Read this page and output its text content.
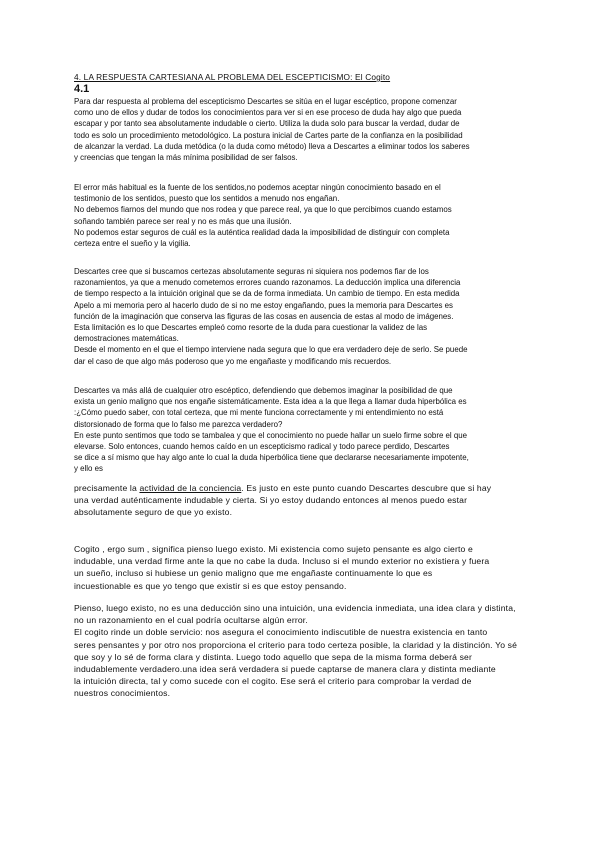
4. LA RESPUESTA CARTESIANA AL PROBLEMA DEL ESCEPTICISMO: El Cogito
4.1
Para dar respuesta al problema del escepticismo Descartes se sitúa en el lugar escéptico, propone comenzar
como uno de ellos y dudar de todos los conocimientos para ver si en ese proceso de duda hay algo que pueda
escapar y por tanto sea absolutamente indudable o cierto. Utiliza la duda solo para buscar la verdad, dudar de
todo es solo un procedimiento metodológico. La postura inicial de Cartes parte de la confianza en la posibilidad
de alcanzar la verdad. La duda metódica (o la duda como método) lleva a Descartes a eliminar todos los saberes
y creencias que tengan la más mínima posibilidad de ser falsos.
El error más habitual es la fuente de los sentidos,no podemos aceptar ningún conocimiento basado en el
testimonio de los sentidos, puesto que los sentidos a menudo nos engañan.
No debemos fiarnos del mundo que nos rodea y que parece real, ya que lo que percibimos cuando estamos
soñando también parece ser real y no es más que una ilusión.
No podemos estar seguros de cuál es la auténtica realidad dada la imposibilidad de distinguir con completa
certeza entre el sueño y la vigilia.
Descartes cree que si buscamos certezas absolutamente seguras ni siquiera nos podemos fiar de los
razonamientos, ya que a menudo cometemos errores cuando razonamos. La deducción implica una diferencia
de tiempo respecto a la intuición original que se da de forma inmediata. Un cambio de tiempo. En esta medida
Apelo a mi memoria pero al hacerlo dudo de si no me estoy engañando, pues la memoria para Descartes es
función de la imaginación que conserva las figuras de las cosas en ausencia de estas al modo de imágenes.
Esta limitación es lo que Descartes empleó como resorte de la duda para cuestionar la validez de las
demostraciones matemáticas.
Desde el momento en el que el tiempo interviene nada segura que lo que era verdadero deje de serlo. Se puede
dar el caso de que algo más poderoso que yo me engañaste y modificando mis recuerdos.
Descartes va más allá de cualquier otro escéptico, defendiendo que debemos imaginar la posibilidad de que
exista un genio maligno que nos engañe sistemáticamente. Esta idea a la que llega a llamar duda hiperbólica es
:¿Cómo puedo saber, con total certeza, que mi mente funciona correctamente y mi entendimiento no está
distorsionado de forma que lo falso me parezca verdadero?
En este punto sentimos que todo se tambalea y que el conocimiento no puede hallar un suelo firme sobre el que
elevarse. Solo entonces, cuando hemos caído en un escepticismo radical y todo parece perdido, Descartes
se dice a sí mismo que hay algo ante lo cual la duda hiperbólica tiene que declararse necesariamente impotente,
y ello es
precisamente la actividad de la conciencia. Es justo en este punto cuando Descartes descubre que si hay
una verdad auténticamente indudable y cierta. Si yo estoy dudando entonces al menos puedo estar
absolutamente seguro de que yo existo.
Cogito , ergo sum , significa pienso luego existo. Mi existencia como sujeto pensante es algo cierto e
indudable, una verdad firme ante la que no cabe la duda. Incluso si el mundo exterior no existiera y fuera
un sueño, incluso si hubiese un genio maligno que me engañaste continuamente lo que es
incuestionable es que yo tengo que existir si es que estoy pensando.
Pienso, luego existo, no es una deducción sino una intuición, una evidencia inmediata, una idea clara y distinta,
no un razonamiento en el cual podría ocultarse algún error.
El cogito rinde un doble servicio: nos asegura el conocimiento indiscutible de nuestra existencia en tanto
seres pensantes y por otro nos proporciona el criterio para todo certeza posible, la claridad y la distinción. Yo sé
que soy y lo sé de forma clara y distinta. Luego todo aquello que sepa de la misma forma deberá ser
indudablemente verdadero.una idea será verdadera si puede captarse de manera clara y distinta mediante
la intuición directa, tal y como sucede con el cogito. Ese será el criterio para comprobar la verdad de
nuestros conocimientos.
